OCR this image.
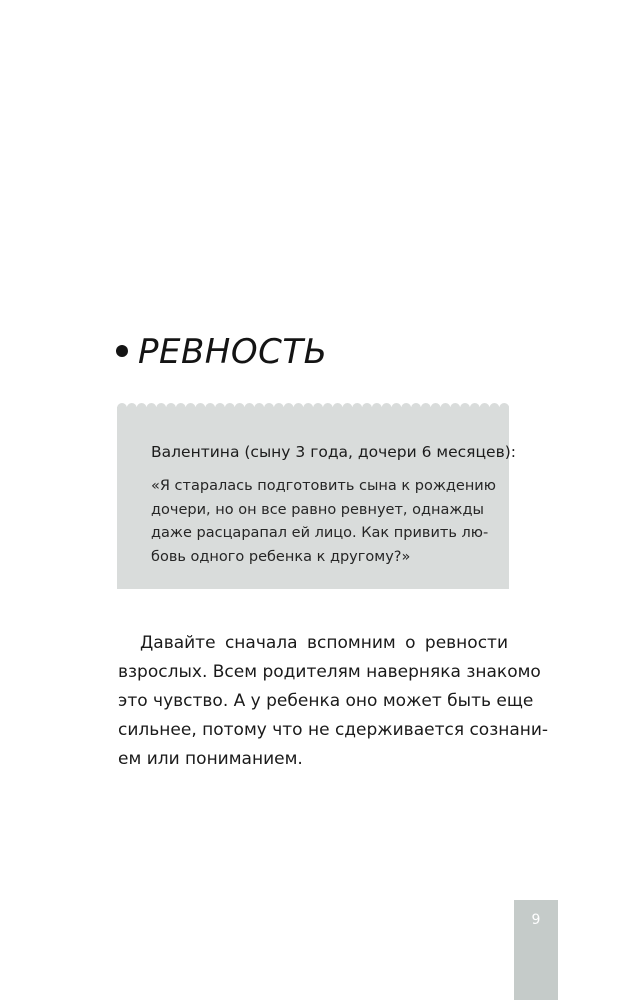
РЕВНОСТЬ
Валентина (сыну 3 года, дочери 6 месяцев):
«Я старалась подготовить сына к рождению
дочери, но он все равно ревнует, однажды
даже расцарапал ей лицо. Как привить лю-
бовь одного ребенка к другому?»
Давайте сначала вспомним о ревности
взрослых. Всем родителям наверняка знакомо
это чувство. А у ребенка оно может быть еще
сильнее, потому что не сдерживается сознани-
ем или пониманием.
9
